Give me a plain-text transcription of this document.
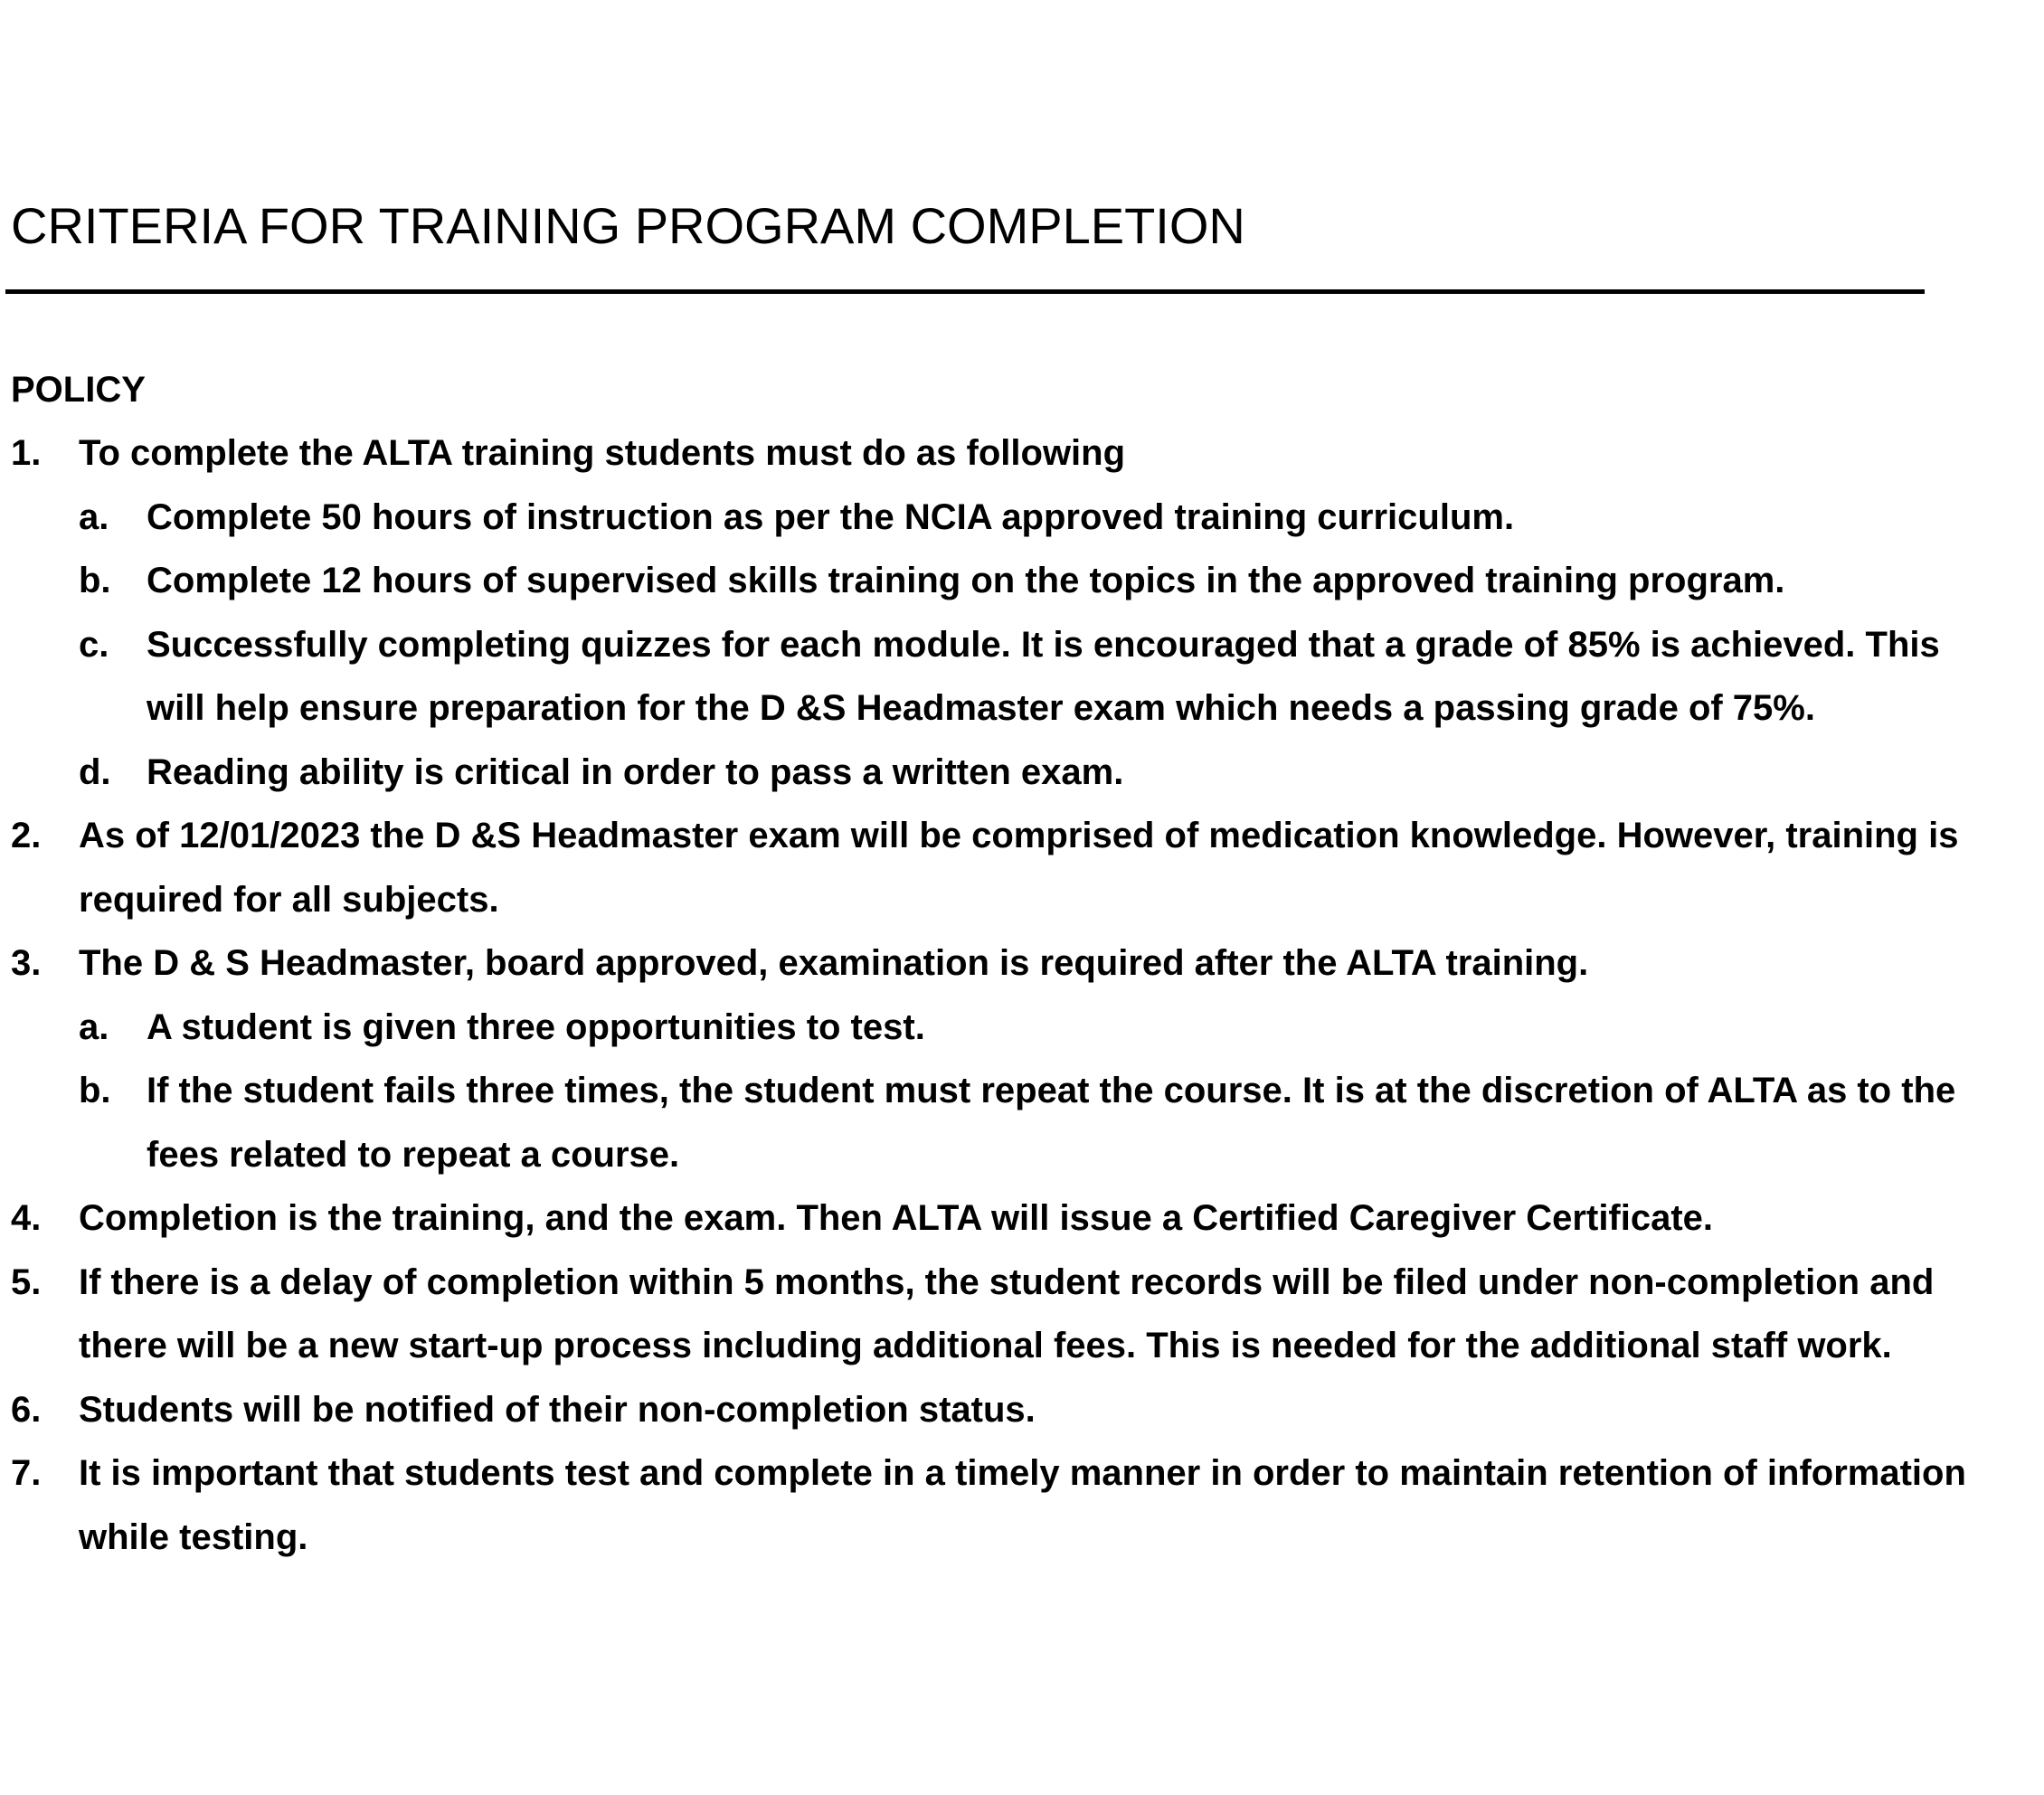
CRITERIA FOR TRAINING PROGRAM COMPLETION
POLICY
1.	To complete the ALTA training students must do as following
a.	Complete 50 hours of instruction as per the NCIA approved training curriculum.
b. Complete 12 hours of supervised skills training on the topics in the approved training program.
c.	Successfully completing quizzes for each module. It is encouraged that a grade of 85% is achieved. This will help ensure preparation for the D &S Headmaster exam which needs a passing grade of 75%.
d. Reading ability is critical in order to pass a written exam.
2.	As of 12/01/2023 the D &S Headmaster exam will be comprised of medication knowledge. However, training is required for all subjects.
3.	The D & S Headmaster, board approved, examination is required after the ALTA training.
a.	A student is given three opportunities to test.
b. If the student fails three times, the student must repeat the course. It is at the discretion of ALTA as to the fees related to repeat a course.
4.	Completion is the training, and the exam. Then ALTA will issue a Certified Caregiver Certificate.
5.	If there is a delay of completion within 5 months, the student records will be filed under non-completion and there will be a new start-up process including additional fees. This is needed for the additional staff work.
6.	Students will be notified of their non-completion status.
7.	It is important that students test and complete in a timely manner in order to maintain retention of information while testing.
